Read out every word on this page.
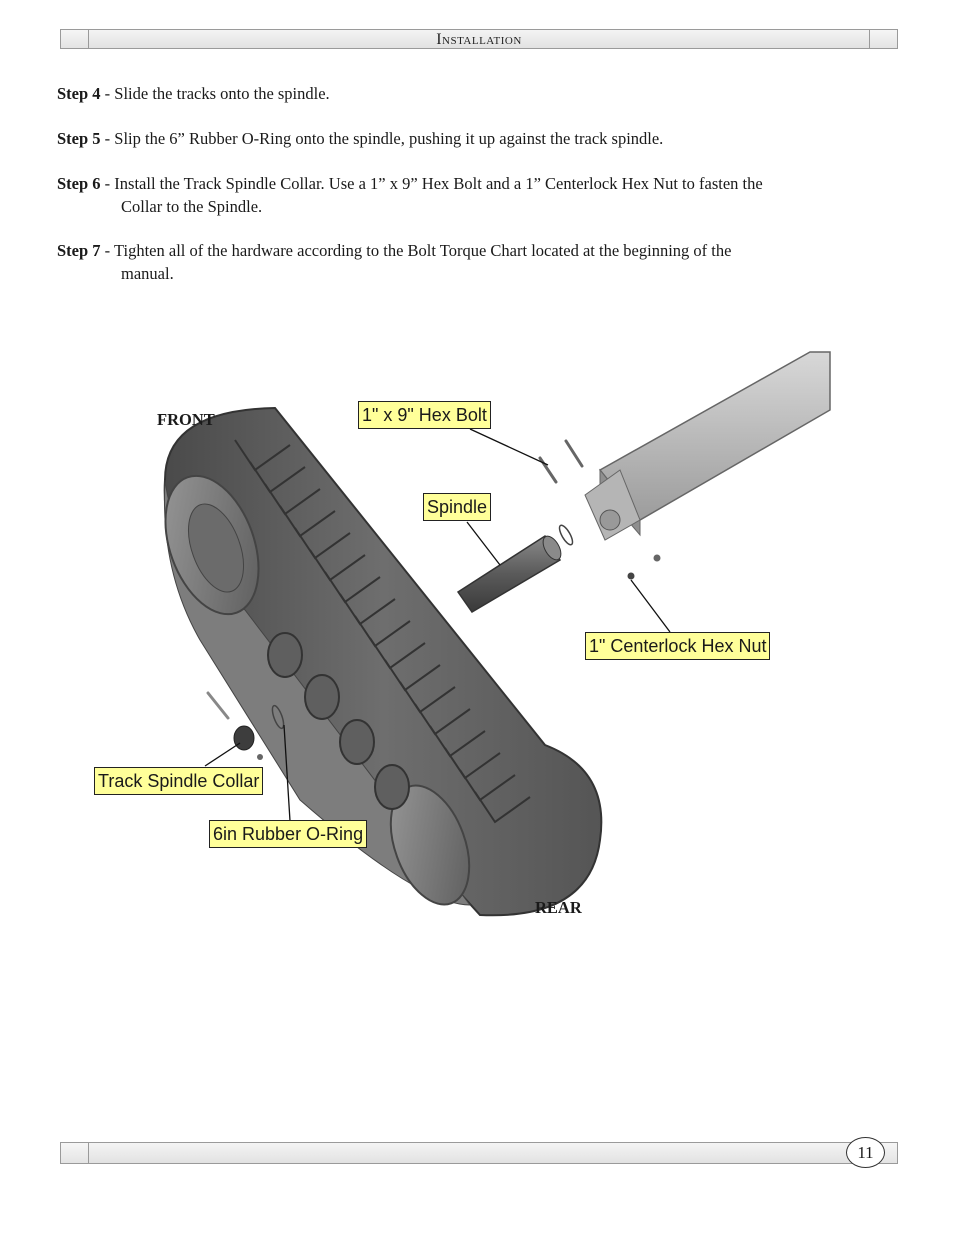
Installation
Step 4 - Slide the tracks onto the spindle.
Step 5 - Slip the 6” Rubber O-Ring onto the spindle, pushing it up against the track spindle.
Step 6 - Install the Track Spindle Collar. Use a 1” x 9” Hex Bolt and a 1” Centerlock Hex Nut to fasten the
Collar to the Spindle.
Step 7 - Tighten all of the hardware according to the Bolt Torque Chart located at the beginning of the
manual.
FRONT
REAR
1" x 9" Hex Bolt
Spindle
1" Centerlock Hex Nut
Track Spindle Collar
6in Rubber O-Ring
11
